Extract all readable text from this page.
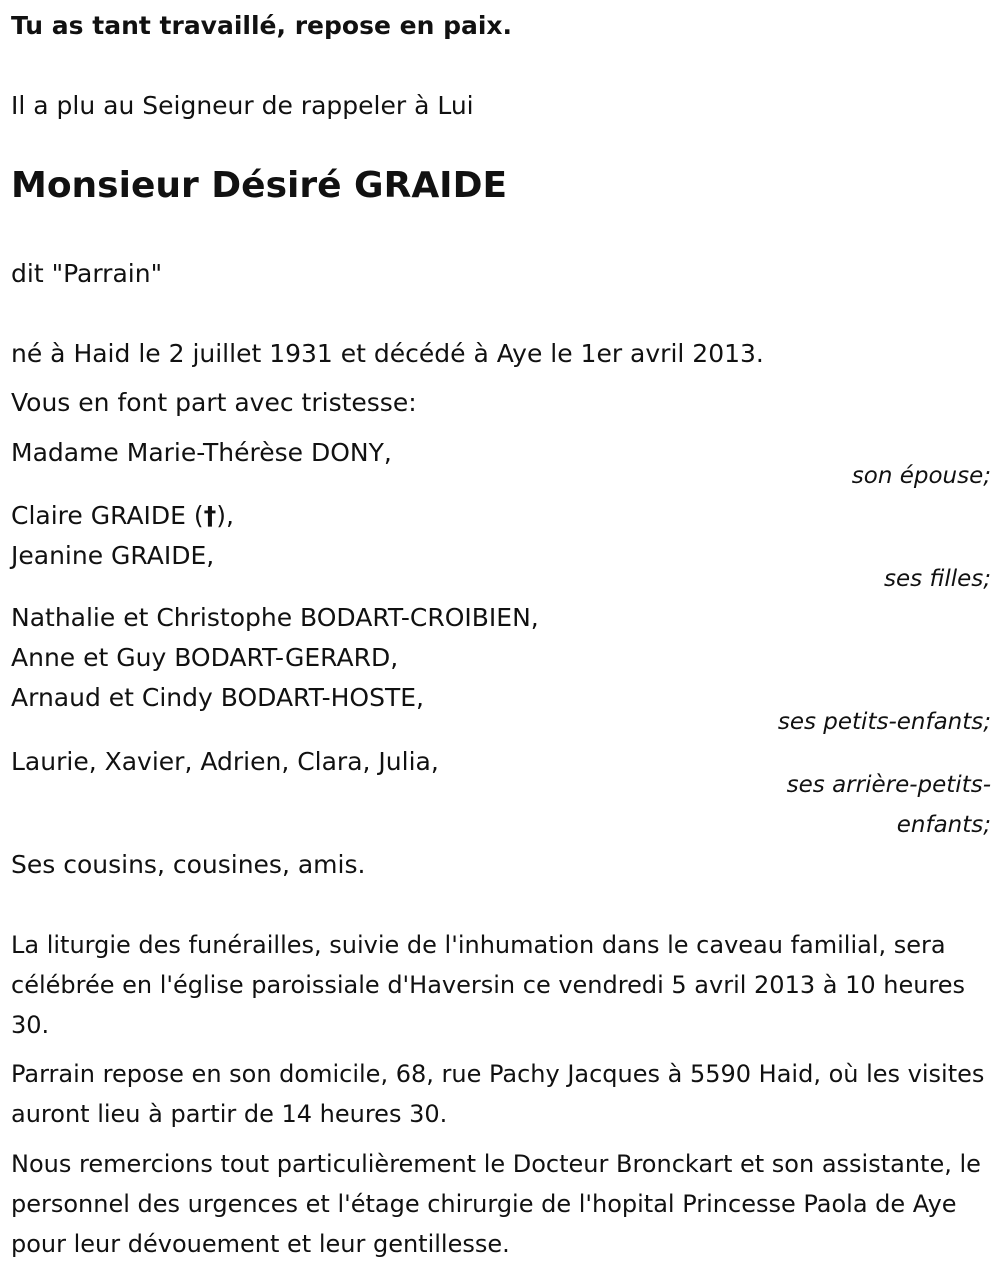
Tu as tant travaillé, repose en paix.

Il a plu au Seigneur de rappeler à Lui

Monsieur Désiré GRAIDE

dit "Parrain"

né à Haid le 2 juillet 1931 et décédé à Aye le 1er avril 2013.

Vous en font part avec tristesse:

Madame Marie-Thérèse DONY,

son épouse;

Claire GRAIDE (†),

Jeanine GRAIDE,

ses filles;

Nathalie et Christophe BODART-CROIBIEN,

Anne et Guy BODART-GERARD,

Arnaud et Cindy BODART-HOSTE,

ses petits-enfants;

Laurie, Xavier, Adrien, Clara, Julia,

ses arrière-petits-

enfants;

Ses cousins, cousines, amis.

La liturgie des funérailles, suivie de l'inhumation dans le caveau familial, sera célébrée en l'église paroissiale d'Haversin ce vendredi 5 avril 2013 à 10 heures 30.

Parrain repose en son domicile, 68, rue Pachy Jacques à 5590 Haid, où les visites auront lieu à partir de 14 heures 30.

Nous remercions tout particulièrement le Docteur Bronckart et son assistante, le personnel des urgences et l'étage chirurgie de l'hopital Princesse Paola de Aye pour leur dévouement et leur gentillesse.
